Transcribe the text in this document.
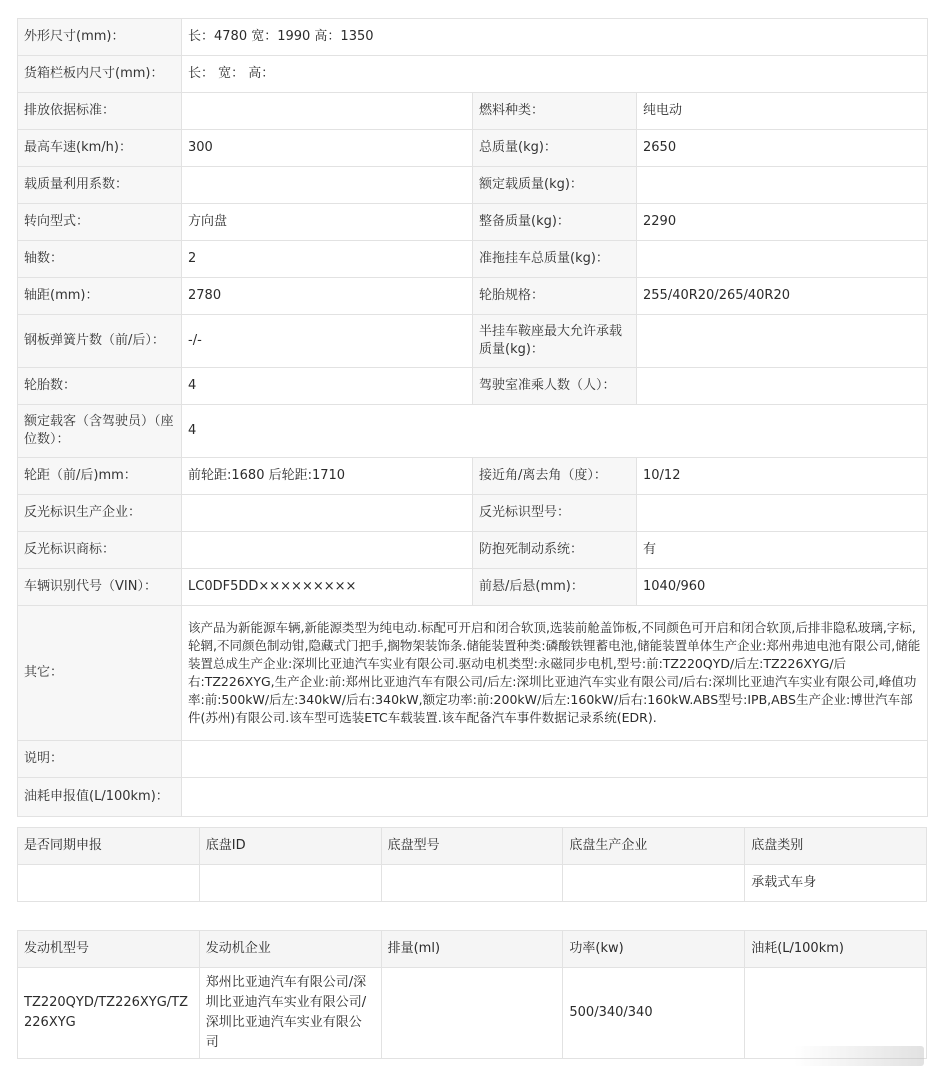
外形尺寸(mm)：	长：4780 宽：1990 高：1350		
货箱栏板内尺寸(mm)：	长： 宽： 高：		
排放依据标准：		燃料种类：	纯电动
最高车速(km/h)：	300	总质量(kg)：	2650
载质量利用系数：		额定载质量(kg)：	
转向型式：	方向盘	整备质量(kg)：	2290
轴数：	2	准拖挂车总质量(kg)：	
轴距(mm)：	2780	轮胎规格：	255/40R20/265/40R20
钢板弹簧片数（前/后）：	-/-	半挂车鞍座最大允许承载质量(kg)：	
轮胎数：	4	驾驶室准乘人数（人）：	
额定载客（含驾驶员）（座位数）：	4		
轮距（前/后)mm：	前轮距:1680 后轮距:1710	接近角/离去角（度）：	10/12
反光标识生产企业：		反光标识型号：	
反光标识商标：		防抱死制动系统：	有
车辆识别代号（VIN）：	LC0DF5DD×××××××××	前悬/后悬(mm)：	1040/960
其它：	该产品为新能源车辆,新能源类型为纯电动.标配可开启和闭合软顶,选装前舱盖饰板,不同颜色可开启和闭合软顶,后排非隐私玻璃,字标,轮辋,不同颜色制动钳,隐藏式门把手,搁物架装饰条.储能装置种类:磷酸铁锂蓄电池,储能装置单体生产企业:郑州弗迪电池有限公司,储能装置总成生产企业:深圳比亚迪汽车实业有限公司.驱动电机类型:永磁同步电机,型号:前:TZ220QYD/后左:TZ226XYG/后右:TZ226XYG,生产企业:前:郑州比亚迪汽车有限公司/后左:深圳比亚迪汽车实业有限公司/后右:深圳比亚迪汽车实业有限公司,峰值功率:前:500kW/后左:340kW/后右:340kW,额定功率:前:200kW/后左:160kW/后右:160kW.ABS型号:IPB,ABS生产企业:博世汽车部件(苏州)有限公司.该车型可选装ETC车载装置.该车配备汽车事件数据记录系统(EDR).		
说明：			
油耗申报值(L/100km)：			
是否同期申报	底盘ID	底盘型号	底盘生产企业	底盘类别
				承载式车身
发动机型号	发动机企业	排量(ml)	功率(kw)	油耗(L/100km)
TZ220QYD/TZ226XYG/TZ226XYG	郑州比亚迪汽车有限公司/深圳比亚迪汽车实业有限公司/深圳比亚迪汽车实业有限公司		500/340/340	
